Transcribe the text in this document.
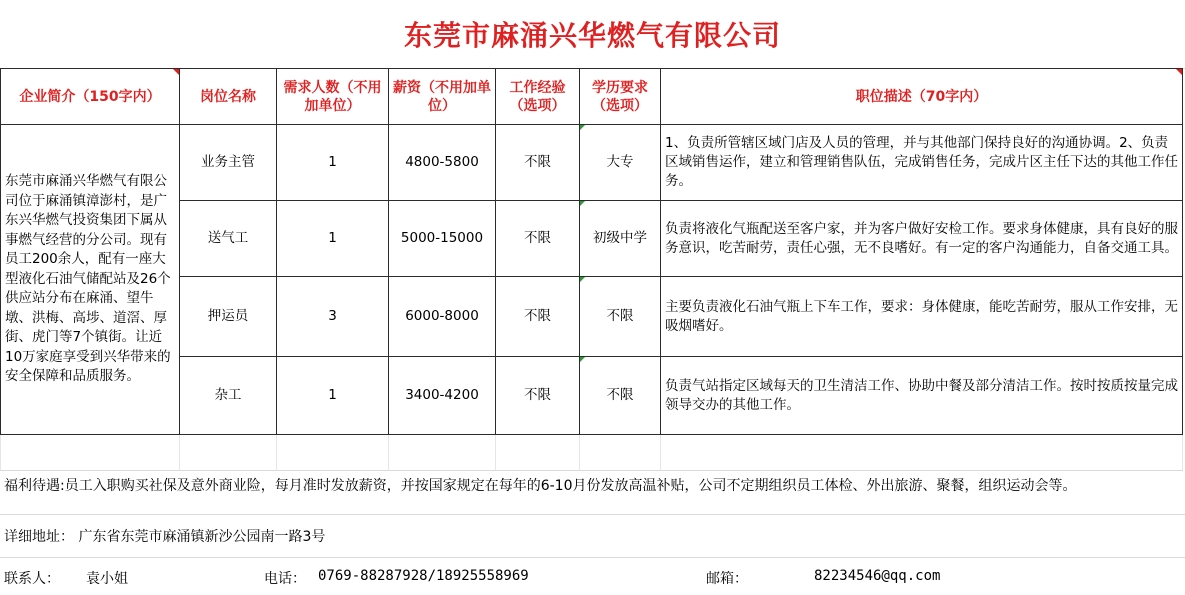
东莞市麻涌兴华燃气有限公司
企业简介（150字内）	岗位名称	需求人数（不用加单位）	薪资（不用加单位）	工作经验（选项）	学历要求（选项）	职位描述（70字内）

东莞市麻涌兴华燃气有限公司位于麻涌镇漳澎村，是广东兴华燃气投资集团下属从事燃气经营的分公司。现有员工200余人，配有一座大型液化石油气储配站及26个供应站分布在麻涌、望牛墩、洪梅、高埗、道滘、厚街、虎门等7个镇街。让近10万家庭享受到兴华带来的安全保障和品质服务。	业务主管	1	4800-5800	不限	大专	1、负责所管辖区域门店及人员的管理，并与其他部门保持良好的沟通协调。2、负责区域销售运作，建立和管理销售队伍，完成销售任务，完成片区主任下达的其他工作任务。
	送气工	1	5000-15000	不限	初级中学	负责将液化气瓶配送至客户家，并为客户做好安检工作。要求身体健康，具有良好的服务意识，吃苦耐劳，责任心强，无不良嗜好。有一定的客户沟通能力，自备交通工具。
	押运员	3	6000-8000	不限	不限	主要负责液化石油气瓶上下车工作，要求：身体健康，能吃苦耐劳，服从工作安排，无吸烟嗜好。
	杂工	1	3400-4200	不限	不限	负责气站指定区域每天的卫生清洁工作、协助中餐及部分清洁工作。按时按质按量完成领导交办的其他工作。

福利待遇:员工入职购买社保及意外商业险，每月准时发放薪资，并按国家规定在每年的6-10月份发放高温补贴，公司不定期组织员工体检、外出旅游、聚餐，组织运动会等。
详细地址： 广东省东莞市麻涌镇新沙公园南一路3号
联系人： 袁小姐	电话： 0769-88287928/18925558969	邮箱：	82234546@qq.com
